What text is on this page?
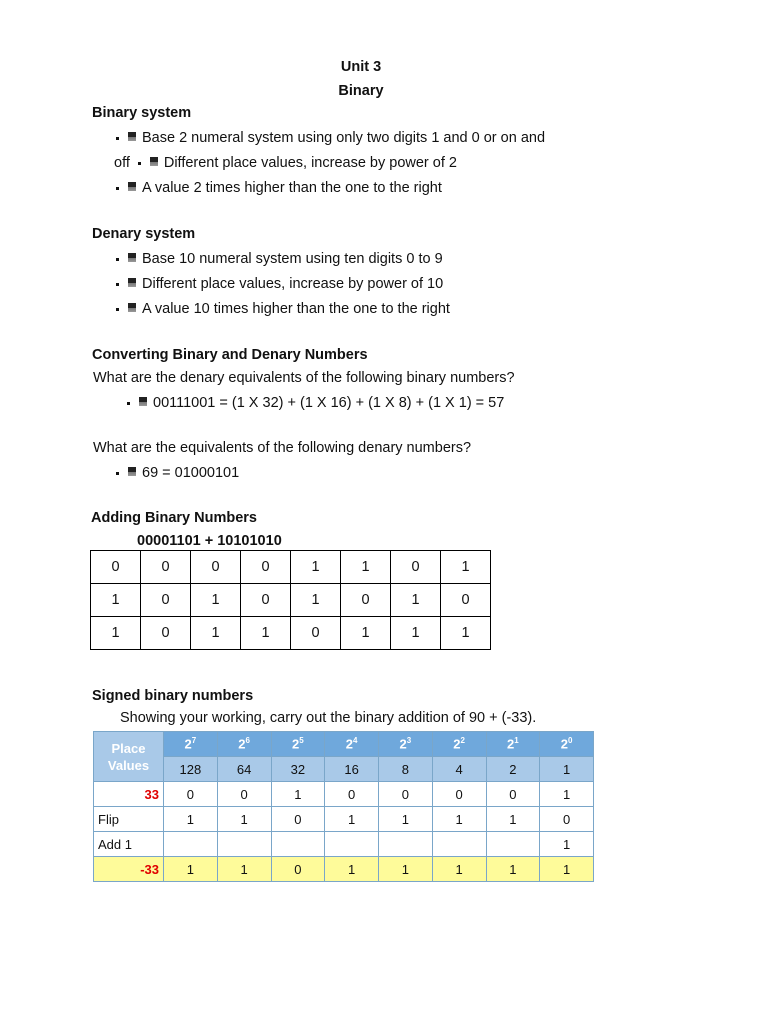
Unit 3
Binary
Binary system
Base 2 numeral system using only two digits 1 and 0 or on and
off Different place values, increase by power of 2
A value 2 times higher than the one to the right
Denary system
Base 10 numeral system using ten digits 0 to 9
Different place values, increase by power of 10
A value 10 times higher than the one to the right
Converting Binary and Denary Numbers
What are the denary equivalents of the following binary numbers?
00111001 = (1 X 32) + (1 X 16) + (1 X 8) + (1 X 1) = 57
What are the equivalents of the following denary numbers?
69 = 01000101
Adding Binary Numbers
00001101 + 10101010
0	0	0	0	1	1	0	1
1	0	1	0	1	0	1	0
1	0	1	1	0	1	1	1
Signed binary numbers
Showing your working, carry out the binary addition of 90 + (-33).
Place
Values	$2^7$	$2^6$	$2^5$	$2^4$	$2^3$	$2^2$	$2^1$	$2^0$
	128	64	32	16	8	4	2	1
33	0	0	1	0	0	0	0	1
Flip	1	1	0	1	1	1	1	0
Add 1								1
-33	1	1	0	1	1	1	1	1
